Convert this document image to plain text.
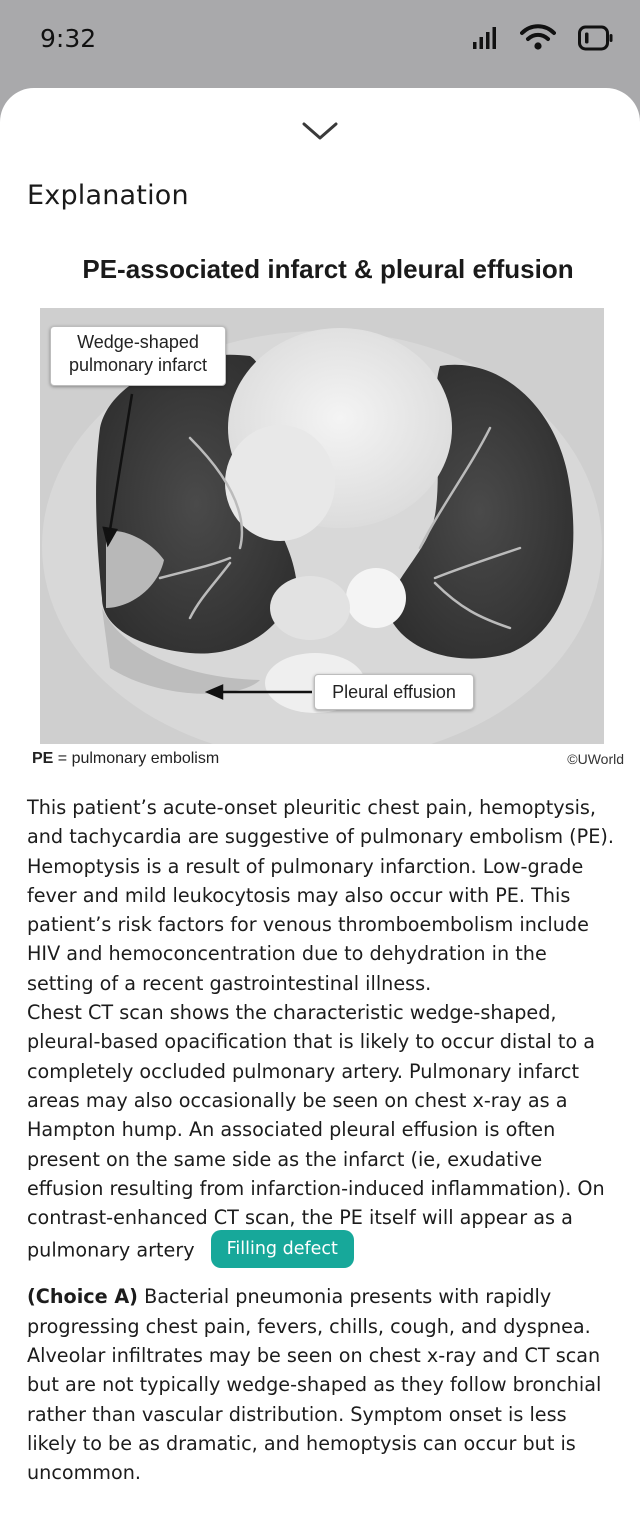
9:32
Explanation
PE-associated infarct & pleural effusion
Wedge-shaped
pulmonary infarct
Pleural effusion
PE = pulmonary embolism	©UWorld

This patient’s acute-onset pleuritic chest pain, hemoptysis, and tachycardia are suggestive of pulmonary embolism (PE). Hemoptysis is a result of pulmonary infarction. Low-grade fever and mild leukocytosis may also occur with PE. This patient’s risk factors for venous thromboembolism include HIV and hemoconcentration due to dehydration in the setting of a recent gastrointestinal illness.

Chest CT scan shows the characteristic wedge-shaped, pleural-based opacification that is likely to occur distal to a completely occluded pulmonary artery. Pulmonary infarct areas may also occasionally be seen on chest x-ray as a Hampton hump. An associated pleural effusion is often present on the same side as the infarct (ie, exudative effusion resulting from infarction-induced inflammation). On contrast-enhanced CT scan, the PE itself will appear as a pulmonary artery Filling defect

(Choice A) Bacterial pneumonia presents with rapidly progressing chest pain, fevers, chills, cough, and dyspnea. Alveolar infiltrates may be seen on chest x-ray and CT scan but are not typically wedge-shaped as they follow bronchial rather than vascular distribution. Symptom onset is less likely to be as dramatic, and hemoptysis can occur but is uncommon.
